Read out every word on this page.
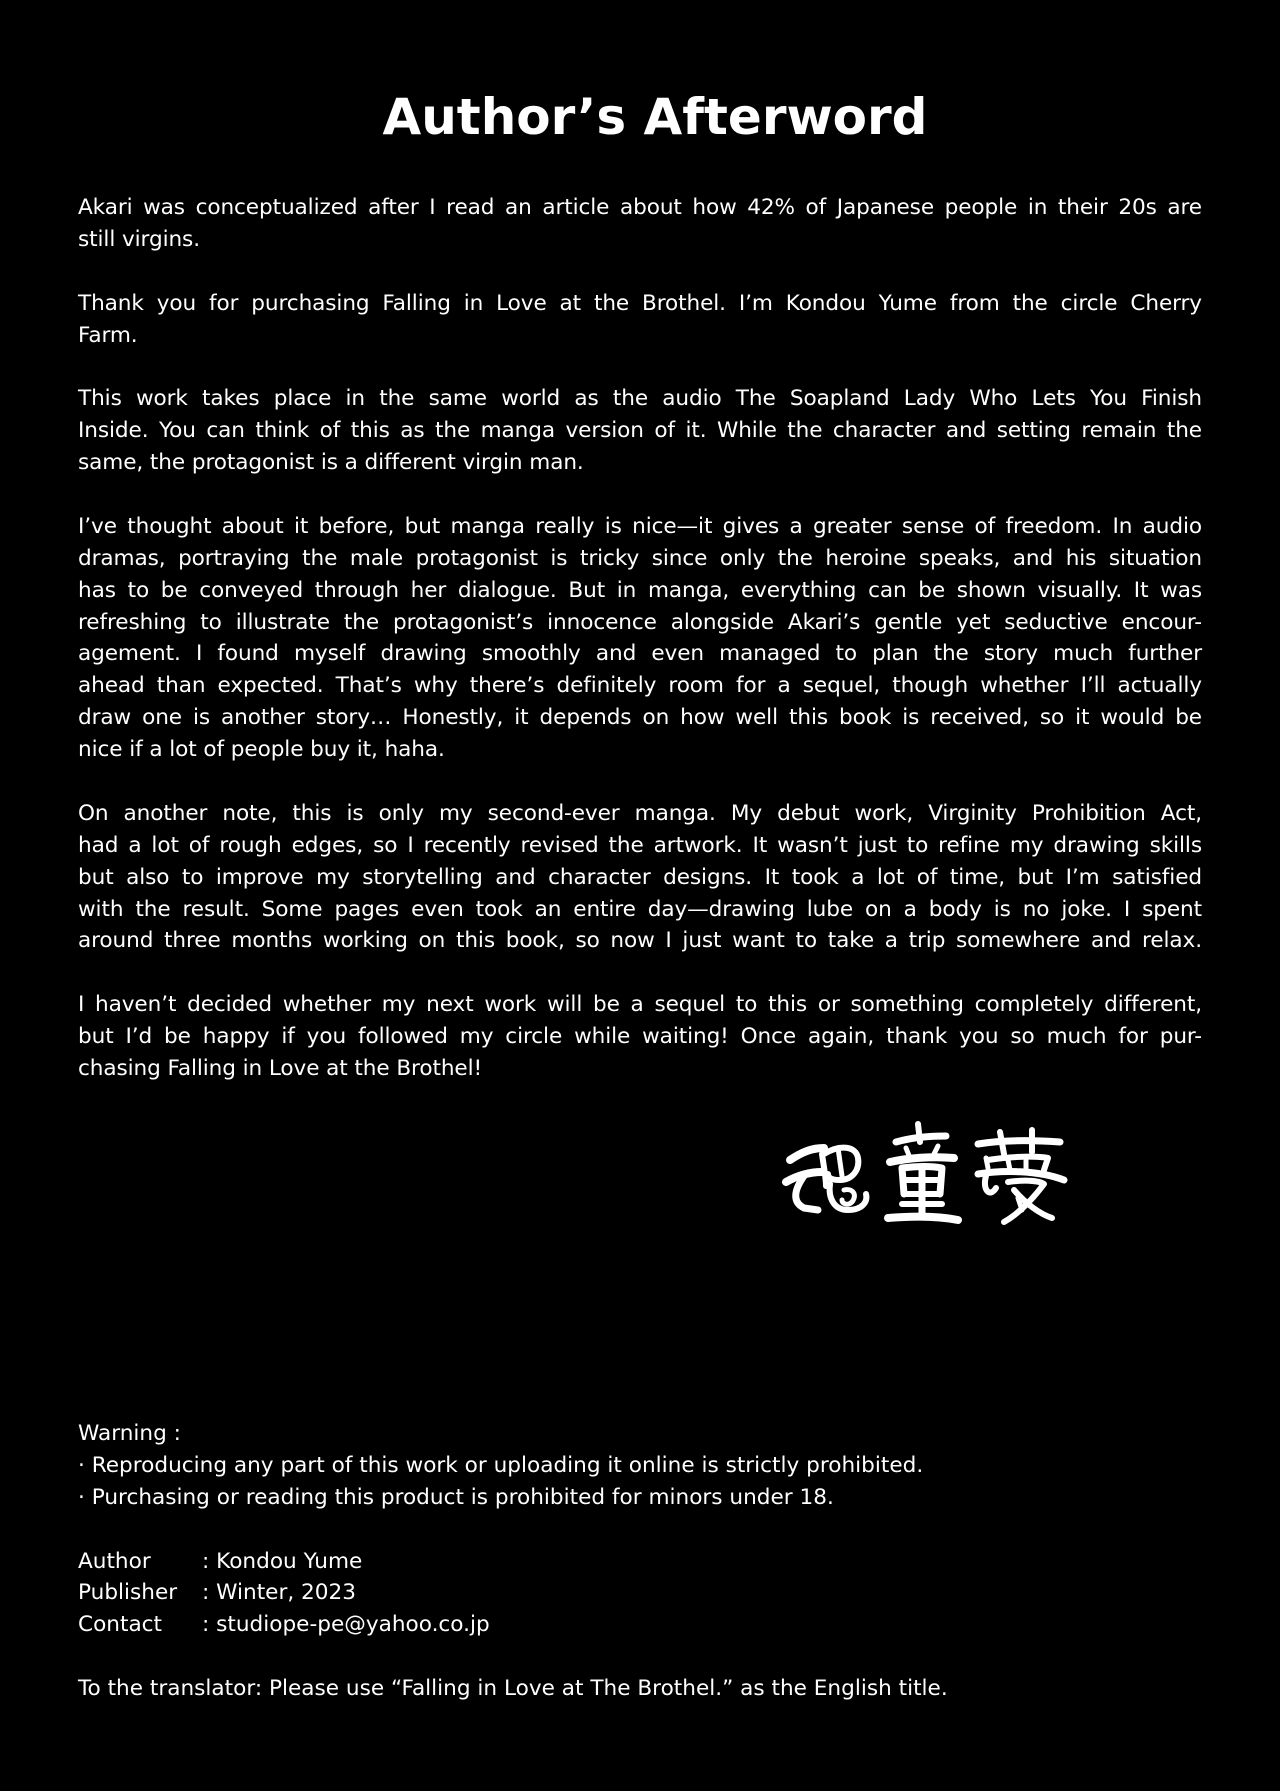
Author’s Afterword
Akari was conceptualized after I read an article about how 42% of Japanese people in their 20s are
still virgins.
Thank you for purchasing Falling in Love at the Brothel. I’m Kondou Yume from the circle Cherry
Farm.
This work takes place in the same world as the audio The Soapland Lady Who Lets You Finish
Inside. You can think of this as the manga version of it. While the character and setting remain the
same, the protagonist is a different virgin man.
I’ve thought about it before, but manga really is nice—it gives a greater sense of freedom. In audio
dramas, portraying the male protagonist is tricky since only the heroine speaks, and his situation
has to be conveyed through her dialogue. But in manga, everything can be shown visually. It was
refreshing to illustrate the protagonist’s innocence alongside Akari’s gentle yet seductive encour-
agement. I found myself drawing smoothly and even managed to plan the story much further
ahead than expected. That’s why there’s definitely room for a sequel, though whether I’ll actually
draw one is another story… Honestly, it depends on how well this book is received, so it would be
nice if a lot of people buy it, haha.
On another note, this is only my second-ever manga. My debut work, Virginity Prohibition Act,
had a lot of rough edges, so I recently revised the artwork. It wasn’t just to refine my drawing skills
but also to improve my storytelling and character designs. It took a lot of time, but I’m satisfied
with the result. Some pages even took an entire day—drawing lube on a body is no joke. I spent
around three months working on this book, so now I just want to take a trip somewhere and relax.
I haven’t decided whether my next work will be a sequel to this or something completely different,
but I’d be happy if you followed my circle while waiting! Once again, thank you so much for pur-
chasing Falling in Love at the Brothel!
Warning :
· Reproducing any part of this work or uploading it online is strictly prohibited.
· Purchasing or reading this product is prohibited for minors under 18.
Author	: Kondou Yume
Publisher	: Winter, 2023
Contact	: studiope-pe@yahoo.co.jp
To the translator: Please use “Falling in Love at The Brothel.” as the English title.
